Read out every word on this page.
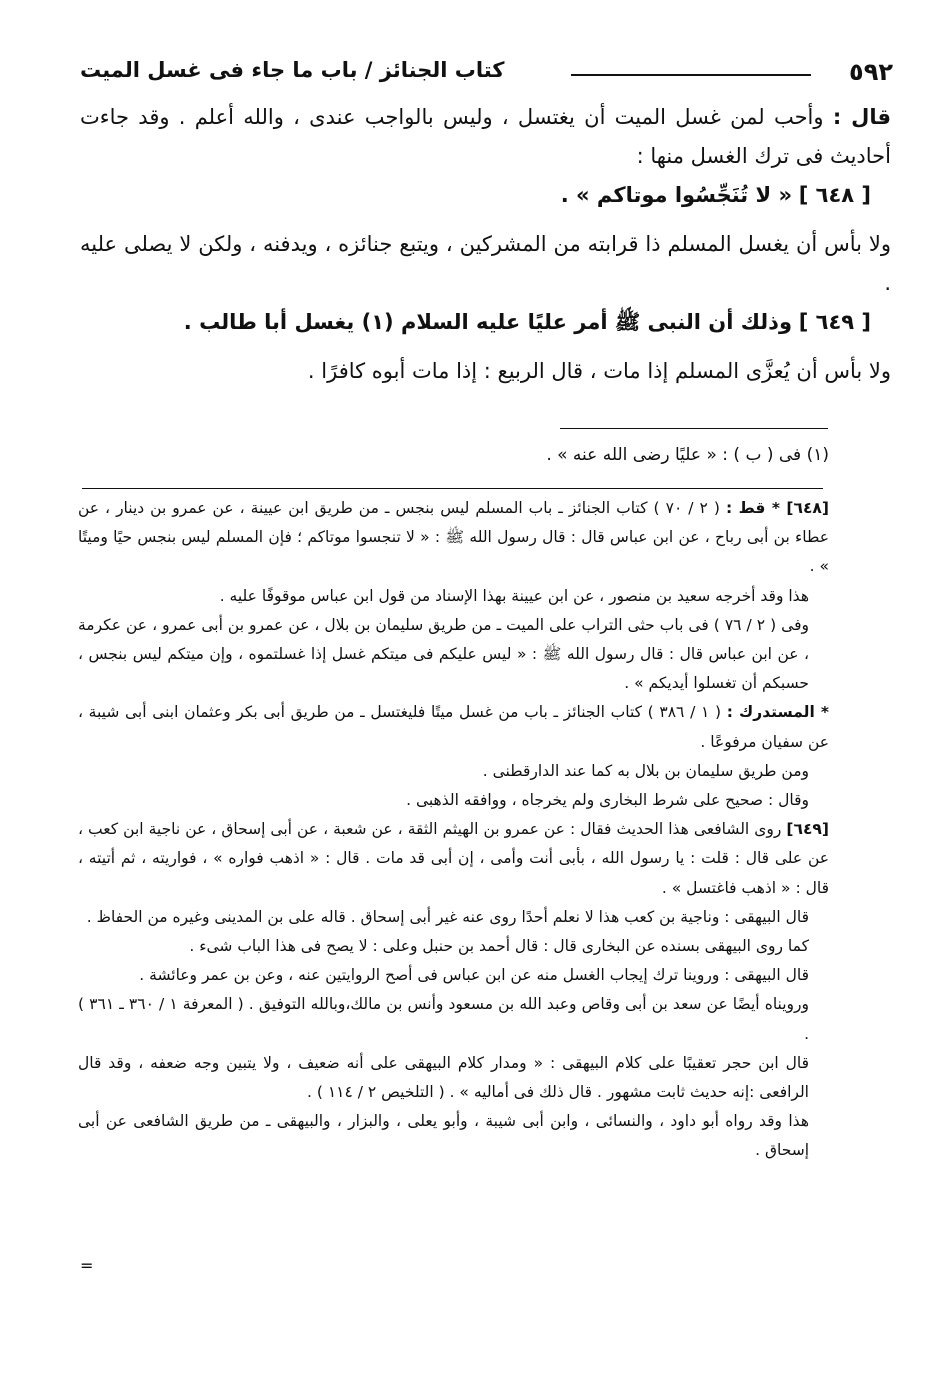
٥٩٢
كتاب الجنائز / باب ما جاء فى غسل الميت

قال : وأحب لمن غسل الميت أن يغتسل ، وليس بالواجب عندى ، والله أعلم . وقد جاءت أحاديث فى ترك الغسل منها :

[ ٦٤٨ ] « لا تُنَجِّسُوا موتاكم » .

ولا بأس أن يغسل المسلم ذا قرابته من المشركين ، ويتبع جنائزه ، ويدفنه ، ولكن لا يصلى عليه .

[ ٦٤٩ ] وذلك أن النبى ﷺ أمر عليًا عليه السلام (١) يغسل أبا طالب .

ولا بأس أن يُعزَّى المسلم إذا مات ، قال الربيع : إذا مات أبوه كافرًا .

(١) فى ( ب ) : « عليًا رضى الله عنه » .

[٦٤٨] * قط : ( ٢ / ٧٠ ) كتاب الجنائز ـ باب المسلم ليس بنجس ـ من طريق ابن عيينة ، عن عمرو بن دينار ، عن عطاء بن أبى رباح ، عن ابن عباس قال : قال رسول الله ﷺ : « لا تنجسوا موتاكم ؛ فإن المسلم ليس بنجس حيًا وميتًا » .

هذا وقد أخرجه سعيد بن منصور ، عن ابن عيينة بهذا الإسناد من قول ابن عباس موقوفًا عليه .

وفى ( ٢ / ٧٦ ) فى باب حثى التراب على الميت ـ من طريق سليمان بن بلال ، عن عمرو بن أبى عمرو ، عن عكرمة ، عن ابن عباس قال : قال رسول الله ﷺ : « ليس عليكم فى ميتكم غسل إذا غسلتموه ، وإن ميتكم ليس بنجس ، حسبكم أن تغسلوا أيديكم » .

* المستدرك : ( ١ / ٣٨٦ ) كتاب الجنائز ـ باب من غسل ميتًا فليغتسل ـ من طريق أبى بكر وعثمان ابنى أبى شيبة ، عن سفيان مرفوعًا .

ومن طريق سليمان بن بلال به كما عند الدارقطنى .

وقال : صحيح على شرط البخارى ولم يخرجاه ، ووافقه الذهبى .

[٦٤٩] روى الشافعى هذا الحديث فقال : عن عمرو بن الهيثم الثقة ، عن شعبة ، عن أبى إسحاق ، عن ناجية ابن كعب ، عن على قال : قلت : يا رسول الله ، بأبى أنت وأمى ، إن أبى قد مات . قال : « اذهب فواره » ، فواريته ، ثم أتيته ، قال : « اذهب فاغتسل » .

قال البيهقى : وناجية بن كعب هذا لا نعلم أحدًا روى عنه غير أبى إسحاق . قاله على بن المدينى وغيره من الحفاظ .

كما روى البيهقى بسنده عن البخارى قال : قال أحمد بن حنبل وعلى : لا يصح فى هذا الباب شىء .

قال البيهقى : وروينا ترك إيجاب الغسل منه عن ابن عباس فى أصح الروايتين عنه ، وعن بن عمر وعائشة .

ورويناه أيضًا عن سعد بن أبى وقاص وعبد الله بن مسعود وأنس بن مالك،وبالله التوفيق . ( المعرفة ١ / ٣٦٠ ـ ٣٦١ ) .

قال ابن حجر تعقيبًا على كلام البيهقى : « ومدار كلام البيهقى على أنه ضعيف ، ولا يتبين وجه ضعفه ، وقد قال الرافعى :إنه حديث ثابت مشهور . قال ذلك فى أماليه » . ( التلخيص ٢ / ١١٤ ) .

هذا وقد رواه أبو داود ، والنسائى ، وابن أبى شيبة ، وأبو يعلى ، والبزار ، والبيهقى ـ من طريق الشافعى عن أبى إسحاق .

=
